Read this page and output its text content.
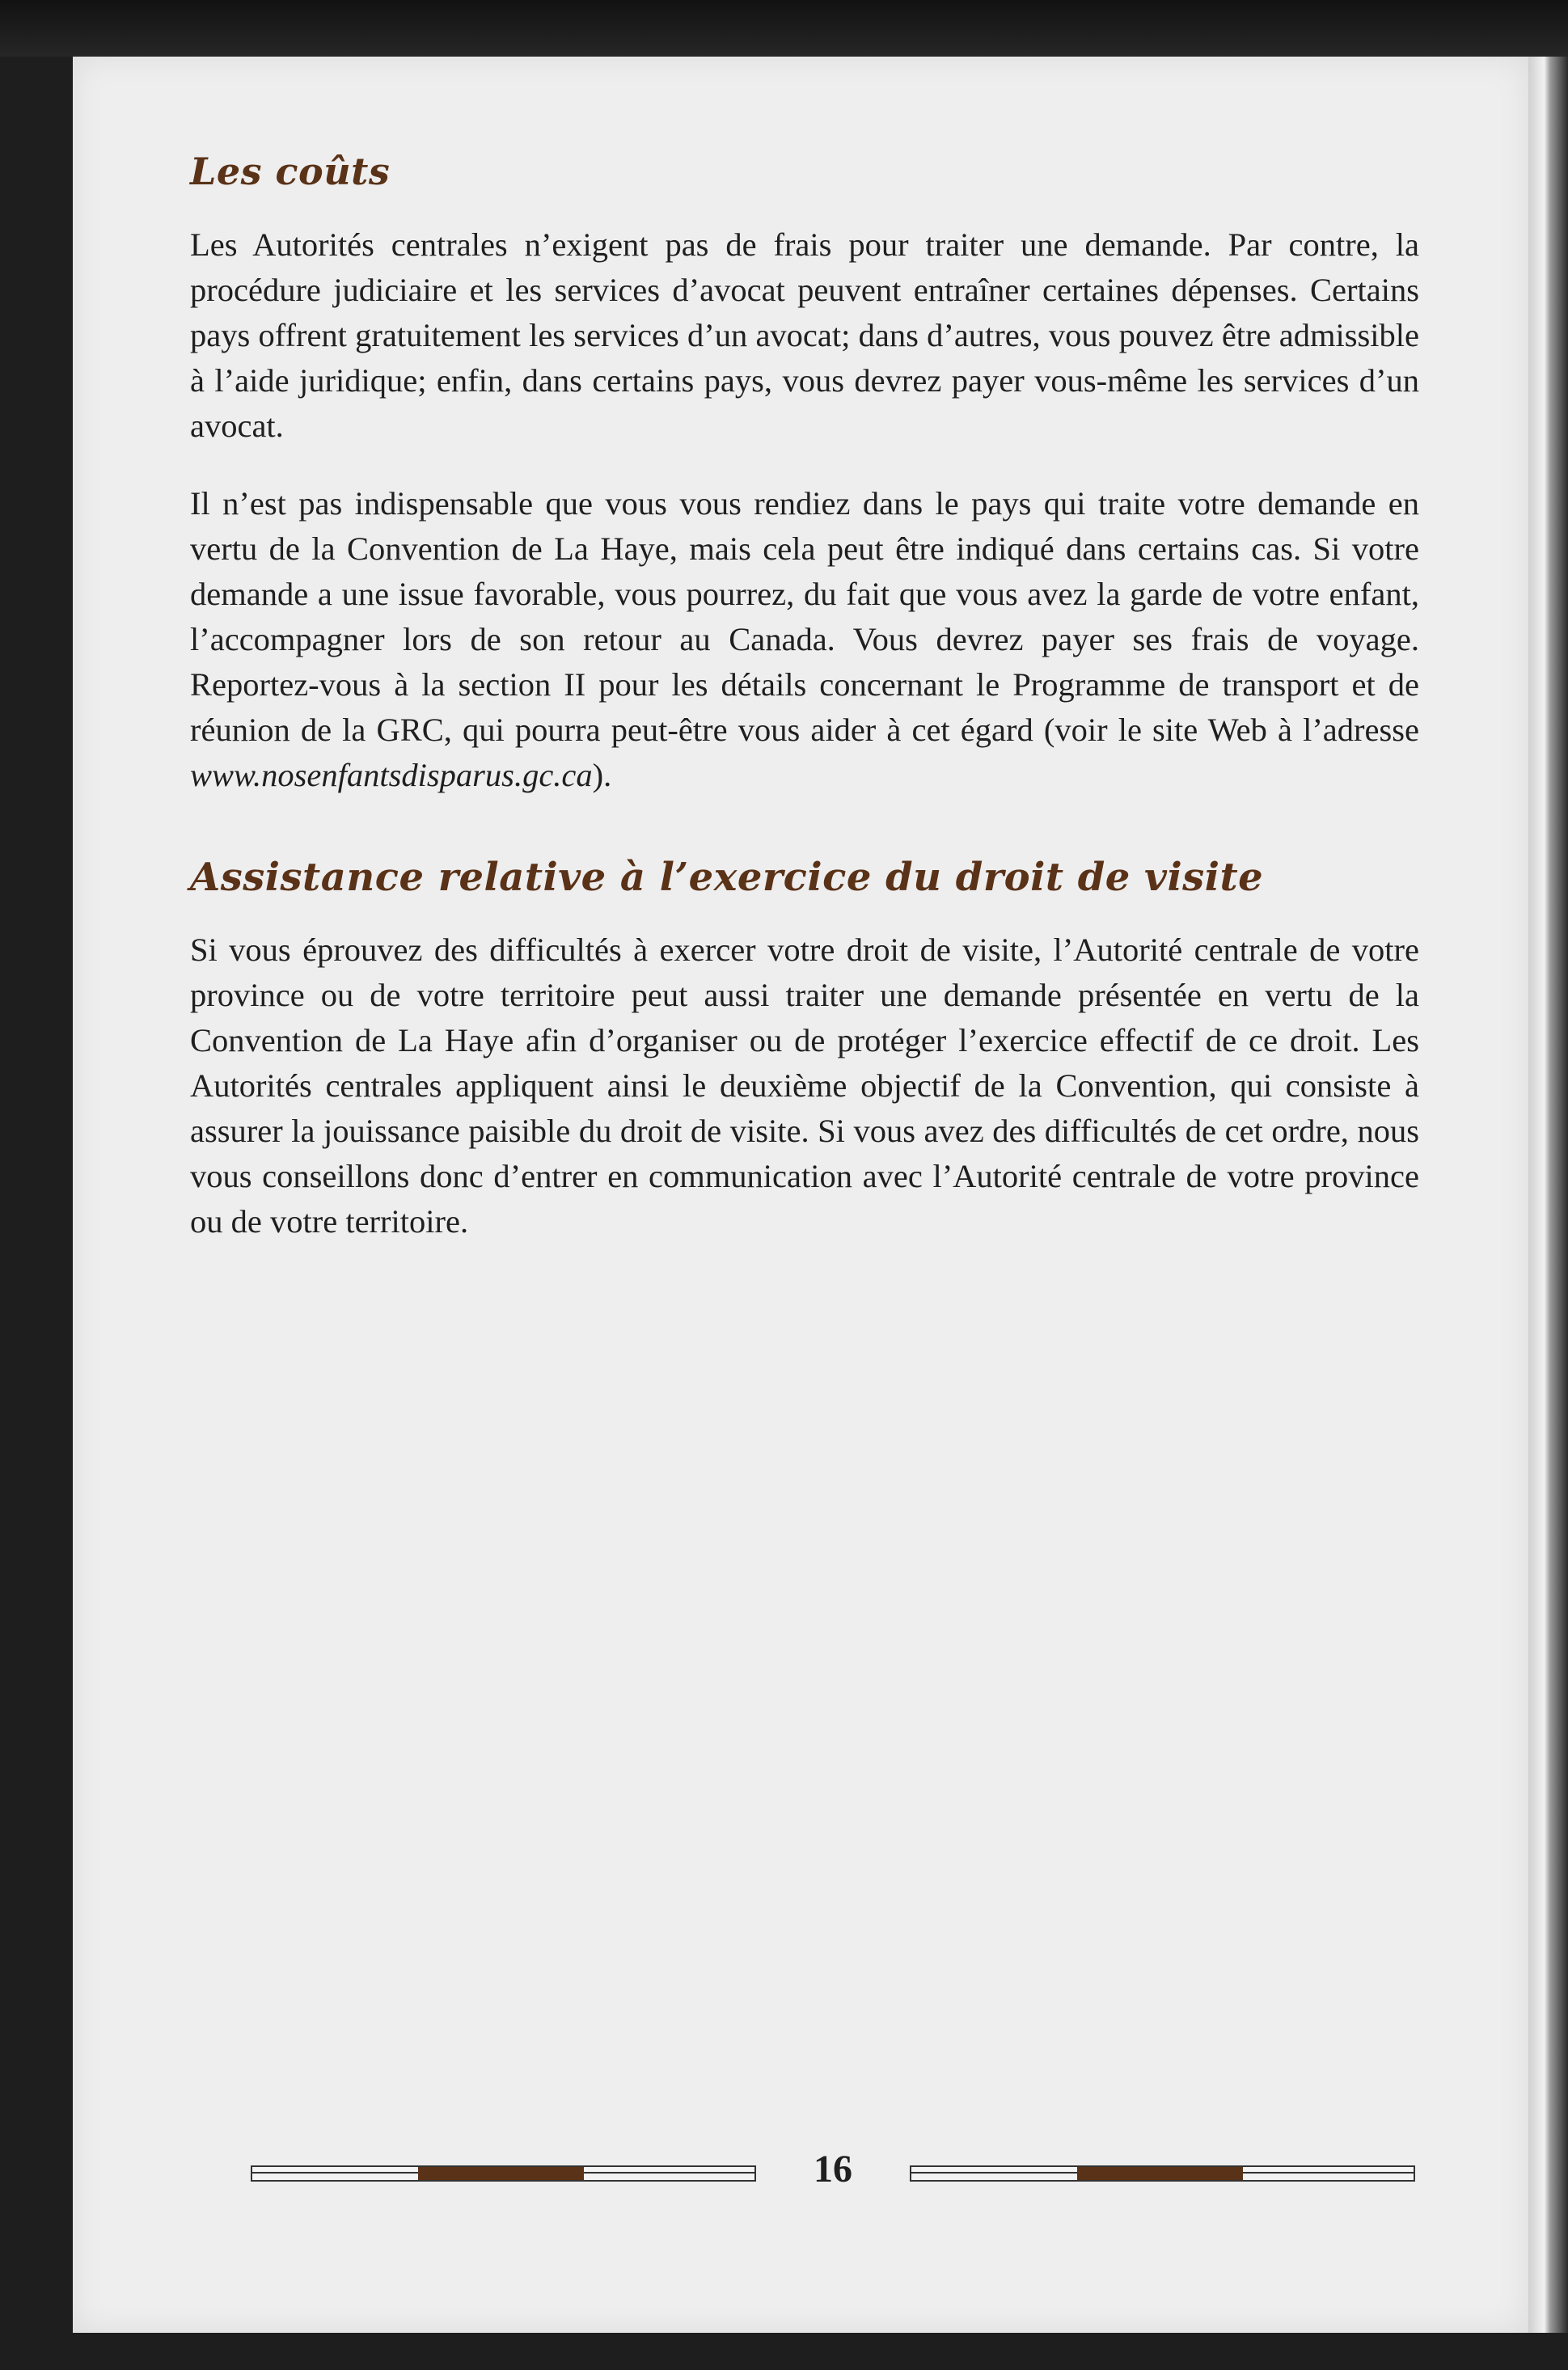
Les coûts

Les Autorités centrales n’exigent pas de frais pour traiter une demande. Par contre, la procédure judiciaire et les services d’avocat peuvent entraîner certaines dépenses. Certains pays offrent gratuitement les services d’un avocat; dans d’autres, vous pouvez être admissible à l’aide juridique; enfin, dans certains pays, vous devrez payer vous-même les services d’un avocat.

Il n’est pas indispensable que vous vous rendiez dans le pays qui traite votre demande en vertu de la Convention de La Haye, mais cela peut être indiqué dans certains cas. Si votre demande a une issue favorable, vous pourrez, du fait que vous avez la garde de votre enfant, l’accompagner lors de son retour au Canada. Vous devrez payer ses frais de voyage. Reportez-vous à la section II pour les détails concernant le Programme de transport et de réunion de la GRC, qui pourra peut-être vous aider à cet égard (voir le site Web à l’adresse www.nosenfantsdisparus.gc.ca).

Assistance relative à l’exercice du droit de visite

Si vous éprouvez des difficultés à exercer votre droit de visite, l’Autorité centrale de votre province ou de votre territoire peut aussi traiter une demande présentée en vertu de la Convention de La Haye afin d’organiser ou de protéger l’exercice effectif de ce droit. Les Autorités centrales appliquent ainsi le deuxième objectif de la Convention, qui consiste à assurer la jouissance paisible du droit de visite. Si vous avez des difficultés de cet ordre, nous vous conseillons donc d’entrer en communication avec l’Autorité centrale de votre province ou de votre territoire.

16
